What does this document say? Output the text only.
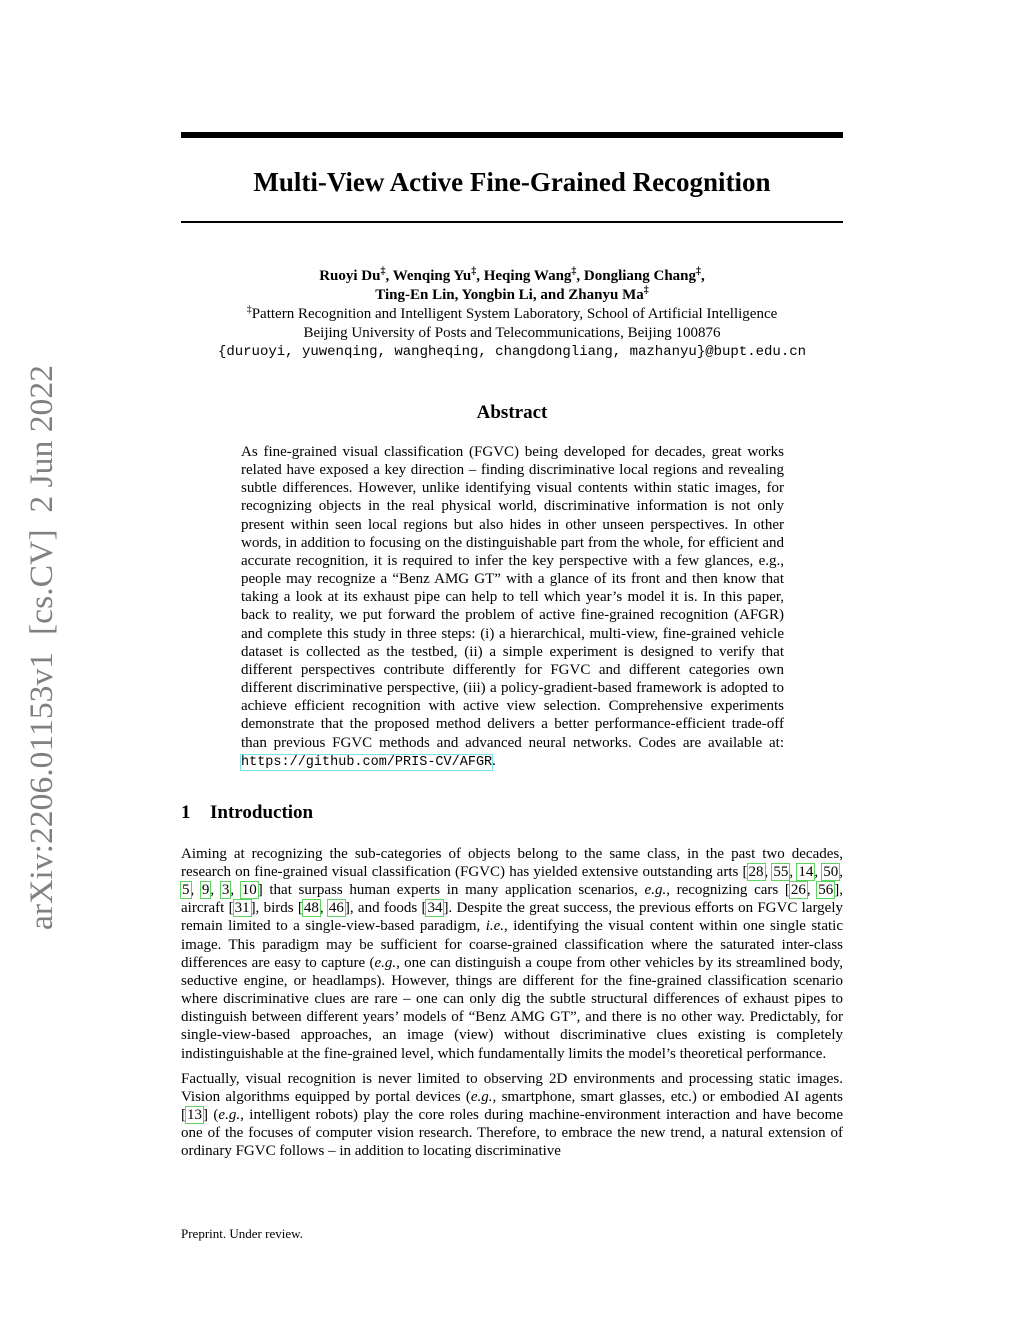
arXiv:2206.01153v1  [cs.CV]  2 Jun 2022
Multi-View Active Fine-Grained Recognition
Ruoyi Du‡, Wenqing Yu‡, Heqing Wang‡, Dongliang Chang‡,
Ting-En Lin, Yongbin Li, and Zhanyu Ma‡
‡Pattern Recognition and Intelligent System Laboratory, School of Artificial Intelligence
Beijing University of Posts and Telecommunications, Beijing 100876
{duruoyi, yuwenqing, wangheqing, changdongliang, mazhanyu}@bupt.edu.cn
Abstract
As fine-grained visual classification (FGVC) being developed for decades, great works related have exposed a key direction – finding discriminative local regions and revealing subtle differences. However, unlike identifying visual contents within static images, for recognizing objects in the real physical world, discriminative information is not only present within seen local regions but also hides in other unseen perspectives. In other words, in addition to focusing on the distinguishable part from the whole, for efficient and accurate recognition, it is required to infer the key perspective with a few glances, e.g., people may recognize a “Benz AMG GT” with a glance of its front and then know that taking a look at its exhaust pipe can help to tell which year’s model it is. In this paper, back to reality, we put forward the problem of active fine-grained recognition (AFGR) and complete this study in three steps: (i) a hierarchical, multi-view, fine-grained vehicle dataset is collected as the testbed, (ii) a simple experiment is designed to verify that different perspectives contribute differently for FGVC and different categories own different discriminative perspective, (iii) a policy-gradient-based framework is adopted to achieve efficient recognition with active view selection. Comprehensive experiments demonstrate that the proposed method delivers a better performance-efficient trade-off than previous FGVC methods and advanced neural networks. Codes are available at: https://github.com/PRIS-CV/AFGR.
1 Introduction
Aiming at recognizing the sub-categories of objects belong to the same class, in the past two decades, research on fine-grained visual classification (FGVC) has yielded extensive outstanding arts [28, 55, 14, 50, 5, 9, 3, 10] that surpass human experts in many application scenarios, e.g., recognizing cars [26, 56], aircraft [31], birds [48, 46], and foods [34]. Despite the great success, the previous efforts on FGVC largely remain limited to a single-view-based paradigm, i.e., identifying the visual content within one single static image. This paradigm may be sufficient for coarse-grained classification where the saturated inter-class differences are easy to capture (e.g., one can distinguish a coupe from other vehicles by its streamlined body, seductive engine, or headlamps). However, things are different for the fine-grained classification scenario where discriminative clues are rare – one can only dig the subtle structural differences of exhaust pipes to distinguish between different years’ models of “Benz AMG GT”, and there is no other way. Predictably, for single-view-based approaches, an image (view) without discriminative clues existing is completely indistinguishable at the fine-grained level, which fundamentally limits the model’s theoretical performance.
Factually, visual recognition is never limited to observing 2D environments and processing static images. Vision algorithms equipped by portal devices (e.g., smartphone, smart glasses, etc.) or embodied AI agents [13] (e.g., intelligent robots) play the core roles during machine-environment interaction and have become one of the focuses of computer vision research. Therefore, to embrace the new trend, a natural extension of ordinary FGVC follows – in addition to locating discriminative
Preprint. Under review.
